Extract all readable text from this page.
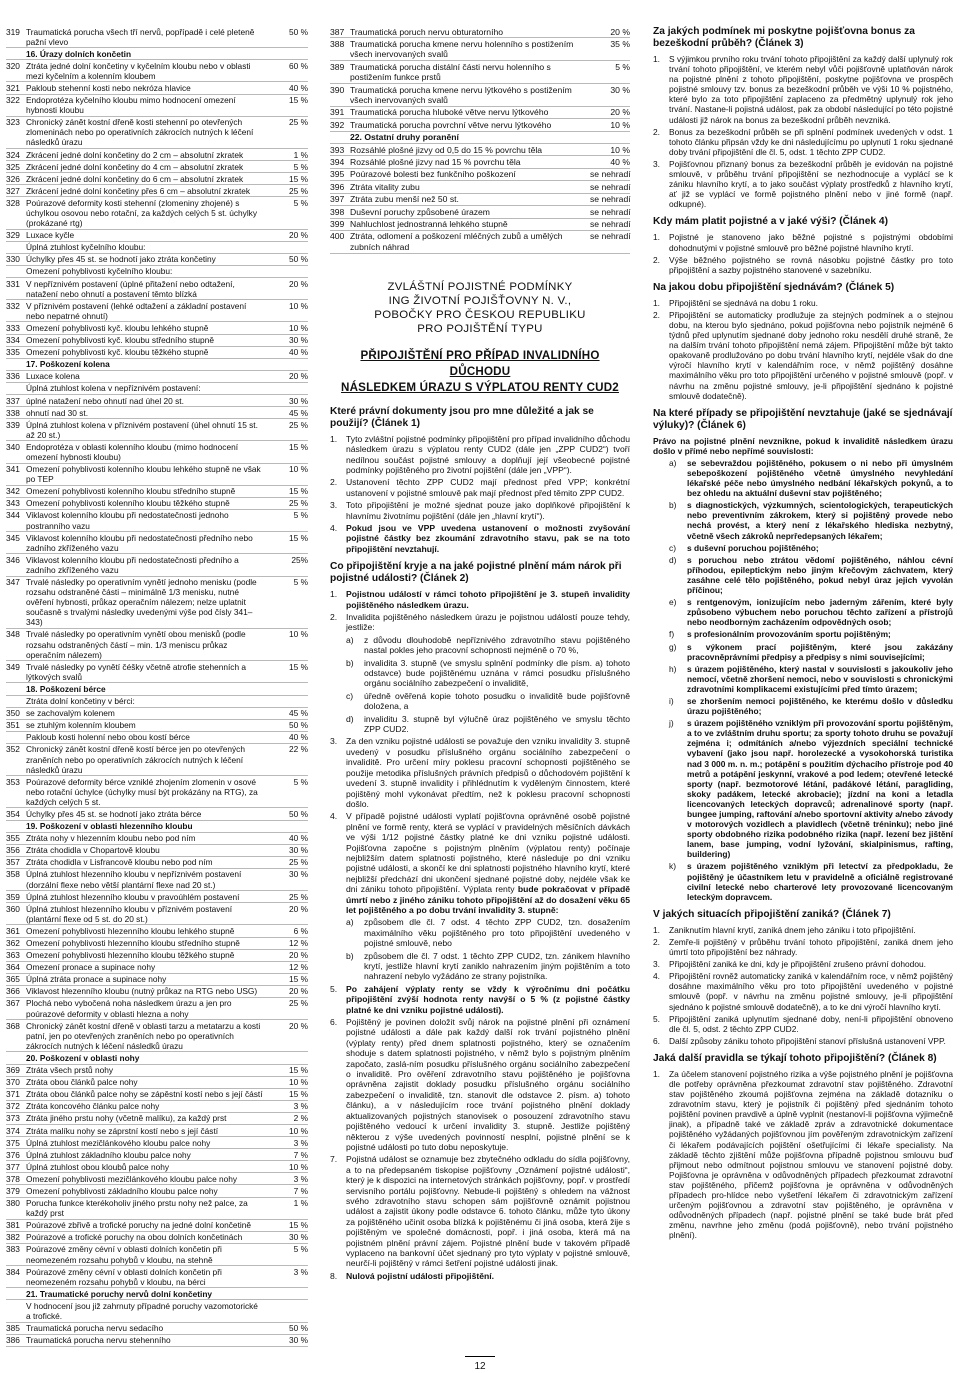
319 Traumatická porucha všech tří nervů, popřípadě i celé pleteně pažní vlevo
50 %
16. Úrazy dolních končetin
320 Ztráta jedné dolní končetiny v kyčelním kloubu nebo v oblasti mezi kyčelním a kolenním kloubem
60 %
321 Pakloub stehenní kosti nebo nekróza hlavice	40 %
322 Endoprotéza kyčelního kloubu mimo hodnocení omezení hybnosti kloubu
15 %
323 Chronický zánět kostní dřeně kosti stehenní po otevřených zlomeninách nebo po operativních zákrocích nutných k léčení následků úrazu
25 %
324 Zkrácení jedné dolní končetiny do 2 cm – absolutní zkratek	1 %
325 Zkrácení jedné dolní končetiny do 4 cm – absolutní zkratek	5 %
326 Zkrácení jedné dolní končetiny do 6 cm – absolutní zkratek	15 %
327 Zkrácení jedné dolní končetiny přes 6 cm – absolutní zkratek	25 %
328 Poúrazové deformity kosti stehenní (zlomeniny zhojené) s úchylkou osovou nebo rotační, za každých celých 5 st. úchylky (prokázané rtg)
5 %
329 Luxace kyčle	20 %
Úplná ztuhlost kyčelního kloubu:
330 Úchylky přes 45 st. se hodnotí jako ztráta končetiny	50 %
Omezení pohyblivosti kyčelního kloubu:
331 V nepříznivém postavení (úplné přitažení nebo odtažení, natažení nebo ohnutí a postavení těmto blízká
20 %
332 V příznivém postavení (lehké odtažení a základní postavení nebo nepatrné ohnutí)
10 %
333 Omezení pohyblivosti kyč. kloubu lehkého stupně	10 %
334 Omezení pohyblivosti kyč. kloubu středního stupně	30 %
335 Omezení pohyblivosti kyč. kloubu těžkého stupně	40 %
17. Poškození kolena
336 Luxace kolena	20 %
Úplná ztuhlost kolena v nepříznivém postavení:
337 úplné natažení nebo ohnutí nad úhel 20 st.	30 %
338 ohnutí nad 30 st.	45 %
339 Úplná ztuhlost kolena v příznivém postavení (úhel ohnutí 15 st. až 20 st.)
25 %
340 Endoprotéza v oblasti kolenního kloubu (mimo hodnocení omezení hybnosti kloubu)
15 %
341 Omezení pohyblivosti kolenního kloubu lehkého stupně ne však po TEP
10 %
342 Omezení pohyblivosti kolenního kloubu středního stupně	15 %
343 Omezení pohyblivosti kolenního kloubu těžkého stupně	25 %
344 Viklavost kolenního kloubu při nedostatečnosti jednoho postranního vazu
5 %
345 Viklavost kolenního kloubu při nedostatečnosti předního nebo zadního zkříženého vazu
15 %
346 Viklavost kolenního kloubu při nedostatečnosti předního a zadního zkříženého vazu
25%
347 Trvalé následky po operativním vynětí jednoho menisku (podle rozsahu odstraněné části – minimálně 1/3 menisku, nutné ověření hybnosti, průkaz operačním nálezem; nelze uplatnit současně s trvalými následky uvedenými výše pod čísly 341–343)
5 %
348 Trvalé následky po operativním vynětí obou menisků (podle rozsahu odstraněných částí – min. 1/3 meniscu průkaz operačním nálezem)
10 %
349 Trvalé následky po vynětí čéšky včetně atrofie stehenních a lýtkových svalů
15 %
18. Poškození bérce
Ztráta dolní končetiny v bérci:
350 se zachovalým kolenem	45 %
351 se ztuhlým kolenním kloubem	50 %
Pakloub kosti holenní nebo obou kostí bérce	40 %
352 Chronický zánět kostní dřeně kostí bérce jen po otevřených zraněních nebo po operativních zákrocích nutných k léčení následků úrazu
22 %
353 Poúrazové deformity bérce vzniklé zhojením zlomenin v osové nebo rotační úchylce (úchylky musí být prokázány na RTG), za každých celých 5 st.
5 %
354 Úchylky přes 45 st. se hodnotí jako ztráta bérce	50 %
19. Poškození v oblasti hlezenního kloubu
355 Ztráta nohy v hlezenním kloubu nebo pod ním	40 %
356 Ztráta chodidla v Chopartově kloubu	30 %
357 Ztráta chodidla v Lisfrancově kloubu nebo pod ním	25 %
358 Úplná ztuhlost hlezenního kloubu v nepříznivém postavení (dorzální flexe nebo větší plantární flexe nad 20 st.)
30 %
359 Úplná ztuhlost hlezenního kloubu v pravoúhlém postavení	25 %
360 Úplná ztuhlost hlezenního kloubu v příznivém postavení (plantární flexe od 5 st. do 20 st.)
20 %
361 Omezení pohyblivosti hlezenního kloubu lehkého stupně	6 %
362 Omezení pohyblivosti hlezenního kloubu středního stupně	12 %
363 Omezení pohyblivosti hlezenního kloubu těžkého stupně	20 %
364 Omezení pronace a supinace nohy	12 %
365 Úplná ztráta pronace a supinace nohy	15 %
366 Viklavost hlezenního kloubu (nutný průkaz na RTG nebo USG)	20 %
367 Plochá nebo vybočená noha následkem úrazu a jen pro poúrazové deformity v oblasti hlezna a nohy
25 %
368 Chronický zánět kostní dřeně v oblasti tarzu a metatarzu a kosti patní, jen po otevřených zraněních nebo po operativních zákrocích nutných k léčení následků úrazu
20 %
20. Poškození v oblasti nohy
369 Ztráta všech prstů nohy	15 %
370 Ztráta obou článků palce nohy	10 %
371 Ztráta obou článků palce nohy se zápěstní kostí nebo s její částí	15 %
372 Ztráta koncového článku palce nohy	3 %
373 Ztráta jiného prstu nohy (včetně malíku), za každý prst	2 %
374 Ztráta malíku nohy se záprstní kostí nebo s její částí	10 %
375 Úplná ztuhlost mezičlánkového kloubu palce nohy	3 %
376 Úplná ztuhlost základního kloubu palce nohy	7 %
377 Úplná ztuhlost obou kloubů palce nohy	10 %
378 Omezení pohyblivosti mezičlánkového kloubu palce nohy	3 %
379 Omezení pohyblivosti základního kloubu palce nohy	7 %
380 Porucha funkce kterékoholiv jiného prstu nohy než palce, za každý prst
1 %
381 Poúrazové zbřivě a trofické poruchy na jedné dolní končetině	15 %
382 Poúrazové a trofické poruchy na obou dolních končetinách	30 %
383 Poúrazové změny cévní v oblasti dolních končetin při neomezeném rozsahu pohybů v kloubu, na stehně
5 %
384 Poúrazové změny cévní v oblasti dolních končetin při neomezeném rozsahu pohybů v kloubu, na bérci
3 %
21. Traumatické poruchy nervů dolní končetiny
V hodnocení jsou již zahrnuty případné poruchy vazomotorické a trofické.
385 Traumatická porucha nervu sedacího	50 %
386 Traumatická porucha nervu stehenního	30 %
387 Traumatická poruch nervu obturatorního	20 %
388 Traumatická porucha kmene nervu holenního s postižením všech inervovaných svalů
35 %
389 Traumatická porucha distální části nervu holenního s postižením funkce prstů
5 %
390 Traumatická porucha kmene nervu lýtkového s postižením všech inervovaných svalů
30 %
391 Traumatická porucha hluboké větve nervu lýtkového	20 %
392 Traumatická porucha povrchní větve nervu lýtkového	10 %
22. Ostatní druhy poranění
393 Rozsáhlé plošné jizvy od 0,5 do 15 % povrchu těla	10 %
394 Rozsáhlé plošné jizvy nad 15 % povrchu těla	40 %
395 Poúrazové bolesti bez funkčního poškození	se nehradí
396 Ztráta vitality zubu	se nehradí
397 Ztráta zubu menší než 50 st.	se nehradí
398 Duševní poruchy způsobené úrazem	se nehradí
399 Nahluchlost jednostranná lehkého stupně	se nehradí
400 Ztráta, odlomení a poškození mléčných zubů a umělých zubních náhrad
se nehradí
ZVLÁŠTNÍ POJISTNÉ PODMÍNKY
ING ŽIVOTNÍ POJIŠŤOVNY N. V.,
POBOČKY PRO ČESKOU REPUBLIKU
PRO POJIŠTĚNÍ TYPU
PŘIPOJIŠTĚNÍ PRO PŘÍPAD INVALIDNÍHO DŮCHODU
NÁSLEDKEM ÚRAZU S VÝPLATOU RENTY CUD2
Které právní dokumenty jsou pro mne důležité a jak se použijí? (Článek 1)
1.	Tyto zvláštní pojistné podmínky připojištění pro případ invalidního důchodu následkem úrazu s výplatou renty CUD2 (dále jen „ZPP CUD2“) tvoří nedílnou součást pojistné smlouvy a doplňují její všeobecné pojistné podmínky pojištěného pro životní pojištění (dále jen „VPP“).
2.	Ustanovení těchto ZPP CUD2 mají přednost před VPP; konkrétní ustanovení v pojistné smlouvě pak mají přednost před těmito ZPP CUD2.
3.	Toto připojištění je možné sjednat pouze jako doplňkové připojištění k hlavnímu životnímu pojištění (dále jen „hlavní krytí“).
4.	Pokud jsou ve VPP uvedena ustanovení o možnosti zvyšování pojistné částky bez zkoumání zdravotního stavu, pak se na toto připojištění nevztahují.
Co připojištění kryje a na jaké pojistné plnění mám nárok při pojistné události? (Článek 2)
1.	Pojistnou událostí v rámci tohoto připojištění je 3. stupeň invalidity pojištěného následkem úrazu.
2.	Invalidita pojištěného následkem úrazu je pojistnou událostí pouze tehdy, jestliže:
a)	z důvodu dlouhodobě nepříznivého zdravotního stavu pojištěného nastal pokles jeho pracovní schopnosti nejméně o 70 %,
b)	invalidita 3. stupně (ve smyslu splnění podmínky dle písm. a) tohoto odstavce) bude pojištěnému uznána v rámci posudku příslušného orgánu sociálního zabezpečení o invaliditě,
c)	úředně ověřená kopie tohoto posudku o invaliditě bude pojišťovně doložena, a
d)	invaliditu 3. stupně byl výlučně úraz pojištěného ve smyslu těchto ZPP CUD2.
3.	Za den vzniku pojistné události se považuje den vzniku invalidity 3. stupně uvedený v posudku příslušného orgánu sociálního zabezpečení o invaliditě. Pro určení míry poklesu pracovní schopnosti pojištěného se použije metodika příslušných právních předpisů o důchodovém pojištění k uvedení 3. stupně invalidity i přihlédnutím k vyděleným činnostem, které pojištěný mohl vykonávat předtím, než k poklesu pracovní schopnosti došlo.
4.	V případě pojistné události vyplatí pojišťovna oprávněné osobě pojistné plnění ve formě renty, která se vyplácí v pravidelných měsíčních dávkách ve výši 1/12 pojistné částky platné ke dni vzniku pojistné události. Pojišťovna započne s pojistným plněním (výplatou renty) počínaje nejbližším datem splatnosti pojistného, které následuje po dni vzniku pojistné události, a skončí ke dni splatnosti pojistného hlavního krytí, které nejbližší předchází dni ukončení sjednané pojistné doby, nejdéle však ke dni zániku tohoto připojištění. Výplata renty bude pokračovat v případě úmrtí nebo z jiného zániku tohoto připojištění až do dosažení věku 65 let pojištěného a po dobu trvání invalidity 3. stupně:
a)	způsobem dle čl. 7 odst. 4 těchto ZPP CUD2, tzn. dosažením maximálního věku pojištěného pro toto připojištění uvedeného v pojistné smlouvě, nebo
b)	způsobem dle čl. 7 odst. 1 těchto ZPP CUD2, tzn. zánikem hlavního krytí, jestliže hlavní krytí zaniklo nahrazením jiným pojištěním a toto nahrazení nebylo vyžádáno ze strany pojistníka.
5.	Po zahájení výplaty renty se vždy k výročnímu dni počátku připojištění zvýší hodnota renty navýší o 5 % (z pojistné částky platné ke dni vzniku pojistné události).
6.	Pojištěný je povinen doložit svůj nárok na pojistné plnění při oznámení pojistné události a dále pak každý další rok trvání pojistného plnění (výplaty renty) před dnem splatnosti pojistného, který se označením shoduje s datem splatnosti pojistného, v němž bylo s pojistným plněním započato, zaslá-ním posudku příslušného orgánu sociálního zabezpečení o invaliditě. Pro ověření zdravotního stavu pojištěného je pojišťovna oprávněna zajistit doklady posudku příslušného orgánu sociálního zabezpečení o invaliditě, tzn. stanovit dle odstavce 2. písm. a) tohoto článku), a v následujícím roce trvání pojistného plnění doklady aktualizovaných pojistných stanovisek o posouzení zdravotního stavu pojištěného vedoucí k určení invalidity 3. stupně. Jestliže pojištěný některou z výše uvedených povinností nesplní, pojistné plnění se k pojistné události po tuto dobu neposkytuje.
7.	Pojistná událost se oznamuje bez zbytečného odkladu do sídla pojišťovny, a to na předepsaném tiskopise pojišťovny „Oznámení pojistné události“, který je k dispozici na internetových stránkách pojišťovny, popř. v prostředí servisního portálu pojišťovny. Nebude-li pojištěný s ohledem na vážnost svého zdravotního stavu schopen sám pojišťovně oznámit pojistnou událost a zajistit úkony podle odstavce 6. tohoto článku, může tyto úkony za pojištěného učinit osoba blízká k pojištěnému či jiná osoba, která žije s pojištěným ve společné domácnosti, popř. i jiná osoba, která má na pojistném plnění právní zájem. Pojistné plnění bude v takovém případě vyplaceno na bankovní účet sjednaný pro tyto výplaty v pojistné smlouvě, neurčí-li pojištěný v rámci šetření pojistné události jinak.
8.	Nulová pojistní události připojištění.
Za jakých podmínek mi poskytne pojišťovna bonus za bezeškodní průběh? (Článek 3)
1.	S výjimkou prvního roku trvání tohoto připojištění za každý další uplynulý rok trvání tohoto připojištění, ve kterém nebyl vůči pojišťovně uplatňován nárok na pojistné plnění z tohoto připojištění, poskytne pojišťovna ve prospěch pojistné smlouvy tzv. bonus za bezeškodní průběh ve výši 10 % pojistného, které bylo za toto připojištění zaplaceno za předmětný uplynulý rok jeho trvání. Nastane-li pojistná událost, pak za období následující po této pojistné události již nárok na bonus za bezeškodní průběh nevzniká.
2.	Bonus za bezeškodní průběh se při splnění podmínek uvedených v odst. 1 tohoto článku připsán vždy ke dni následujícímu po uplynutí 1 roku sjednané doby trvání připojištění dle čl. 5, odst. 1 těchto ZPP CUD2.
3.	Pojišťovnou přiznaný bonus za bezeškodní průběh je evidován na pojistné smlouvě, v průběhu trvání připojištění se nezhodnocuje a vyplácí se k zániku hlavního krytí, a to jako součást výplaty prostředků z hlavního krytí, ať již se vyplácí ve formě pojistného plnění nebo v jiné formě (např. odkupné).
Kdy mám platit pojistné a v jaké výši? (Článek 4)
1.	Pojistné je stanoveno jako běžné pojistné s pojistnými obdobími dohodnutými v pojistné smlouvě pro běžné pojistné hlavního krytí.
2.	Výše běžného pojistného se rovná násobku pojistné částky pro toto připojištění a sazby pojistného stanovené v sazebníku.
Na jakou dobu připojištění sjednávám? (Článek 5)
1.	Připojištění se sjednává na dobu 1 roku.
2.	Připojištění se automaticky prodlužuje za stejných podmínek a o stejnou dobu, na kterou bylo sjednáno, pokud pojišťovna nebo pojistník nejméně 6 týdnů před uplynutím sjednané doby jednoho roku nesdělí druhé straně, že na dalším trvání tohoto připojištění nemá zájem. Připojištění může být takto opakovaně prodlužováno po dobu trvání hlavního krytí, nejdéle však do dne výročí hlavního krytí v kalendářním roce, v němž pojištěný dosáhne maximálního věku pro toto připojištění určeného v pojistné smlouvě (popř. v návrhu na změnu pojistné smlouvy, je-li připojištění sjednáno k pojistné smlouvě dodatečně).
Na které případy se připojištění nevztahuje (jaké se sjednávají výluky)? (Článek 6)
Právo na pojistné plnění nevznikne, pokud k invaliditě následkem úrazu došlo v přímé nebo nepřímé souvislosti:
a)	se sebevraždou pojištěného, pokusem o ni nebo při úmyslném sebepoškození pojištěného včetně úmyslného nevyhledání lékařské péče nebo úmyslného nedbání lékařských pokynů, a to bez ohledu na aktuální duševní stav pojištěného;
b)	s diagnostických, výzkumných, scientologických, terapeutických nebo preventivním zákrokem, který si pojištěný provede nebo nechá provést, a který není z lékařského hlediska nezbytný, včetně všech zákroků neprředepsaných lékařem;
c)	s duševní poruchou pojištěného;
d)	s poruchou nebo ztrátou vědomí pojištěného, náhlou cévní příhodou, epileptickým nebo jiným křečovým záchvatem, který zasáhne celé tělo pojištěného, pokud nebyl úraz jejich vyvolán příčinou;
e)	s rentgenovým, ionizujícím nebo jaderným zářením, které byly způsobeno výbuchem nebo poruchou těchto zařízení a přístrojů nebo neodborným zacházením odpovědných osob;
f)	s profesionálním provozováním sportu pojištěným;
g)	s výkonem prací pojištěným, které jsou zakázány pracovněprávními předpisy a předpisy s nimi souvisejícími;
h)	s úrazem pojištěného, který nastal v souvislosti s jakoukoliv jeho nemocí, včetně zhoršení nemoci, nebo v souvislosti s chronickými zdravotními komplikacemi existujícími před tímto úrazem;
i)	se zhoršením nemoci pojištěného, ke kterému došlo v důsledku úrazu pojištěného;
j)	s úrazem pojištěného vzniklým při provozování sportu pojištěným, a to ve zvláštním druhu sportu; za sporty tohoto druhu se považují zejména i; odmítáních a/nebo výjezdních speciální technické vybavení (jako jsou např. horolezecké a vysokohorská turistika nad 3 000 m. n. m.; potápění s použitím dýchacího přístroje pod 40 metrů a potápění jeskynní, vrakové a pod ledem; otevřené letecké sporty (např. bezmotorové létání, padákové létání, paragliding, skoky padákem, letecké akrobacie); jízdní na koni a letadla licencovaných leteckých dopravců; adrenalinové sporty (např. bungee jumping, raftování a/nebo sportovní aktivity a/nebo závody v motorových vozidlech a plavidlech (včetně tréninku); nebo jiné sporty obdobného rizika podobného rizika (např. lezení bez jištění lanem, base jumping, vodní lyžování, skialpinismus, rafting, buildering)
k)	s úrazem pojištěného vzniklým při letectví za předpokladu, že pojištěný je účastníkem letu v pravidelně a oficiálně registrované civilní letecké nebo charterové lety provozované licencovaným leteckým dopravcem.
V jakých situacích připojištění zaniká? (Článek 7)
1.	Zaniknutím hlavní krytí, zaniká dnem jeho zániku i toto připojištění.
2.	Zemře-li pojištěný v průběhu trvání tohoto připojištění, zaniká dnem jeho úmrtí toto připojištění bez náhrady.
3.	Připojištění zaniká ke dni, kdy je připojištění zrušeno právní dohodou.
4.	Připojištění rovněž automaticky zaniká v kalendářním roce, v němž pojištěný dosáhne maximálního věku pro toto připojištění uvedeného v pojistné smlouvě (popř. v návrhu na změnu pojistné smlouvy, je-li připojištění sjednáno k pojistné smlouvě dodatečně), a to ke dni výročí hlavního krytí.
5.	Připojištění zaniká uplynutím sjednané doby, není-li připojištění obnoveno dle čl. 5, odst. 2 těchto ZPP CUD2.
6.	Další způsoby zániku tohoto připojištění stanoví příslušná ustanovení VPP.
Jaká další pravidla se týkají tohoto připojištění? (Článek 8)
1.	Za účelem stanovení pojistného rizika a výše pojistného plnění je pojišťovna dle potřeby oprávněna přezkoumat zdravotní stav pojištěného. Zdravotní stav pojištěného zkoumá pojišťovna zejména na základě dotazníku o zdravotním stavu, který je pojistník či pojištěný před sjednáním tohoto pojištění povinen pravdivě a úplně vyplnit (nestanoví-li pojišťovna výjimečně jinak), a případně také ve základě zpráv a zdravotnické dokumentace pojištěného vyžádaných pojišťovnou jím pověřeným zdravotnickým zařízení či lékařem podávajících pojištění ošetřujícími či lékaře specialisty. Na základě těchto zjištění může pojišťovna případně pojistnou smlouvu buď přijmout nebo odmítnout pojistnou smlouvu ve stanovení pojistné doby. Pojišťovna je oprávněna v odůvodněných případech přezkoumat zdravotní stav pojištěného, přičemž pojišťovna je oprávněna v odůvodněných případech pro-hlídce nebo vyšetření lékařem či zdravotnickým zařízení určeným pojišťovnou a zdravotní stav pojištěného, je oprávněna v odůvodněných případech (např. pojistné plnění se také bude brát před změnu, navrhne jeho změnu (podá pojišťovně), nebo trvání pojistného plnění).
12
